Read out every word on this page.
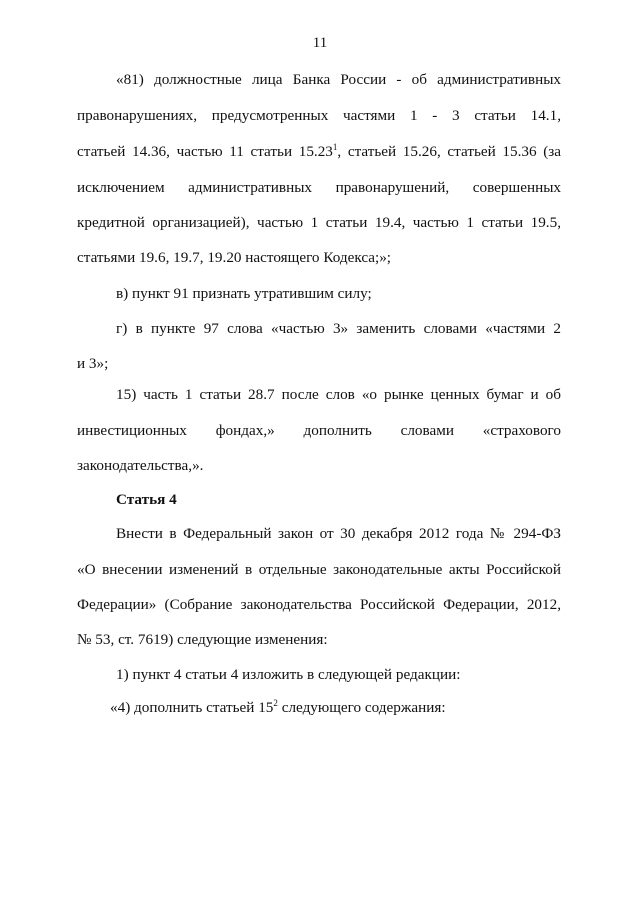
11
«81) должностные лица Банка России - об административных
правонарушениях, предусмотренных частями 1 - 3 статьи 14.1,
статьей 14.36, частью 11 статьи 15.23$^1$, статьей 15.26, статьей 15.36 (за
исключением административных правонарушений, совершенных
кредитной организацией), частью 1 статьи 19.4, частью 1 статьи 19.5,
статьями 19.6, 19.7, 19.20 настоящего Кодекса;»;
в) пункт 91 признать утратившим силу;
г) в пункте 97 слова «частью 3» заменить словами «частями 2
и 3»;
15) часть 1 статьи 28.7 после слов «о рынке ценных бумаг и об
инвестиционных фондах,» дополнить словами «страхового
законодательства,».
Статья 4
Внести в Федеральный закон от 30 декабря 2012 года № 294-ФЗ
«О внесении изменений в отдельные законодательные акты Российской
Федерации» (Собрание законодательства Российской Федерации, 2012,
№ 53, ст. 7619) следующие изменения:
1) пункт 4 статьи 4 изложить в следующей редакции:
«4) дополнить статьей $15^2$ следующего содержания:
